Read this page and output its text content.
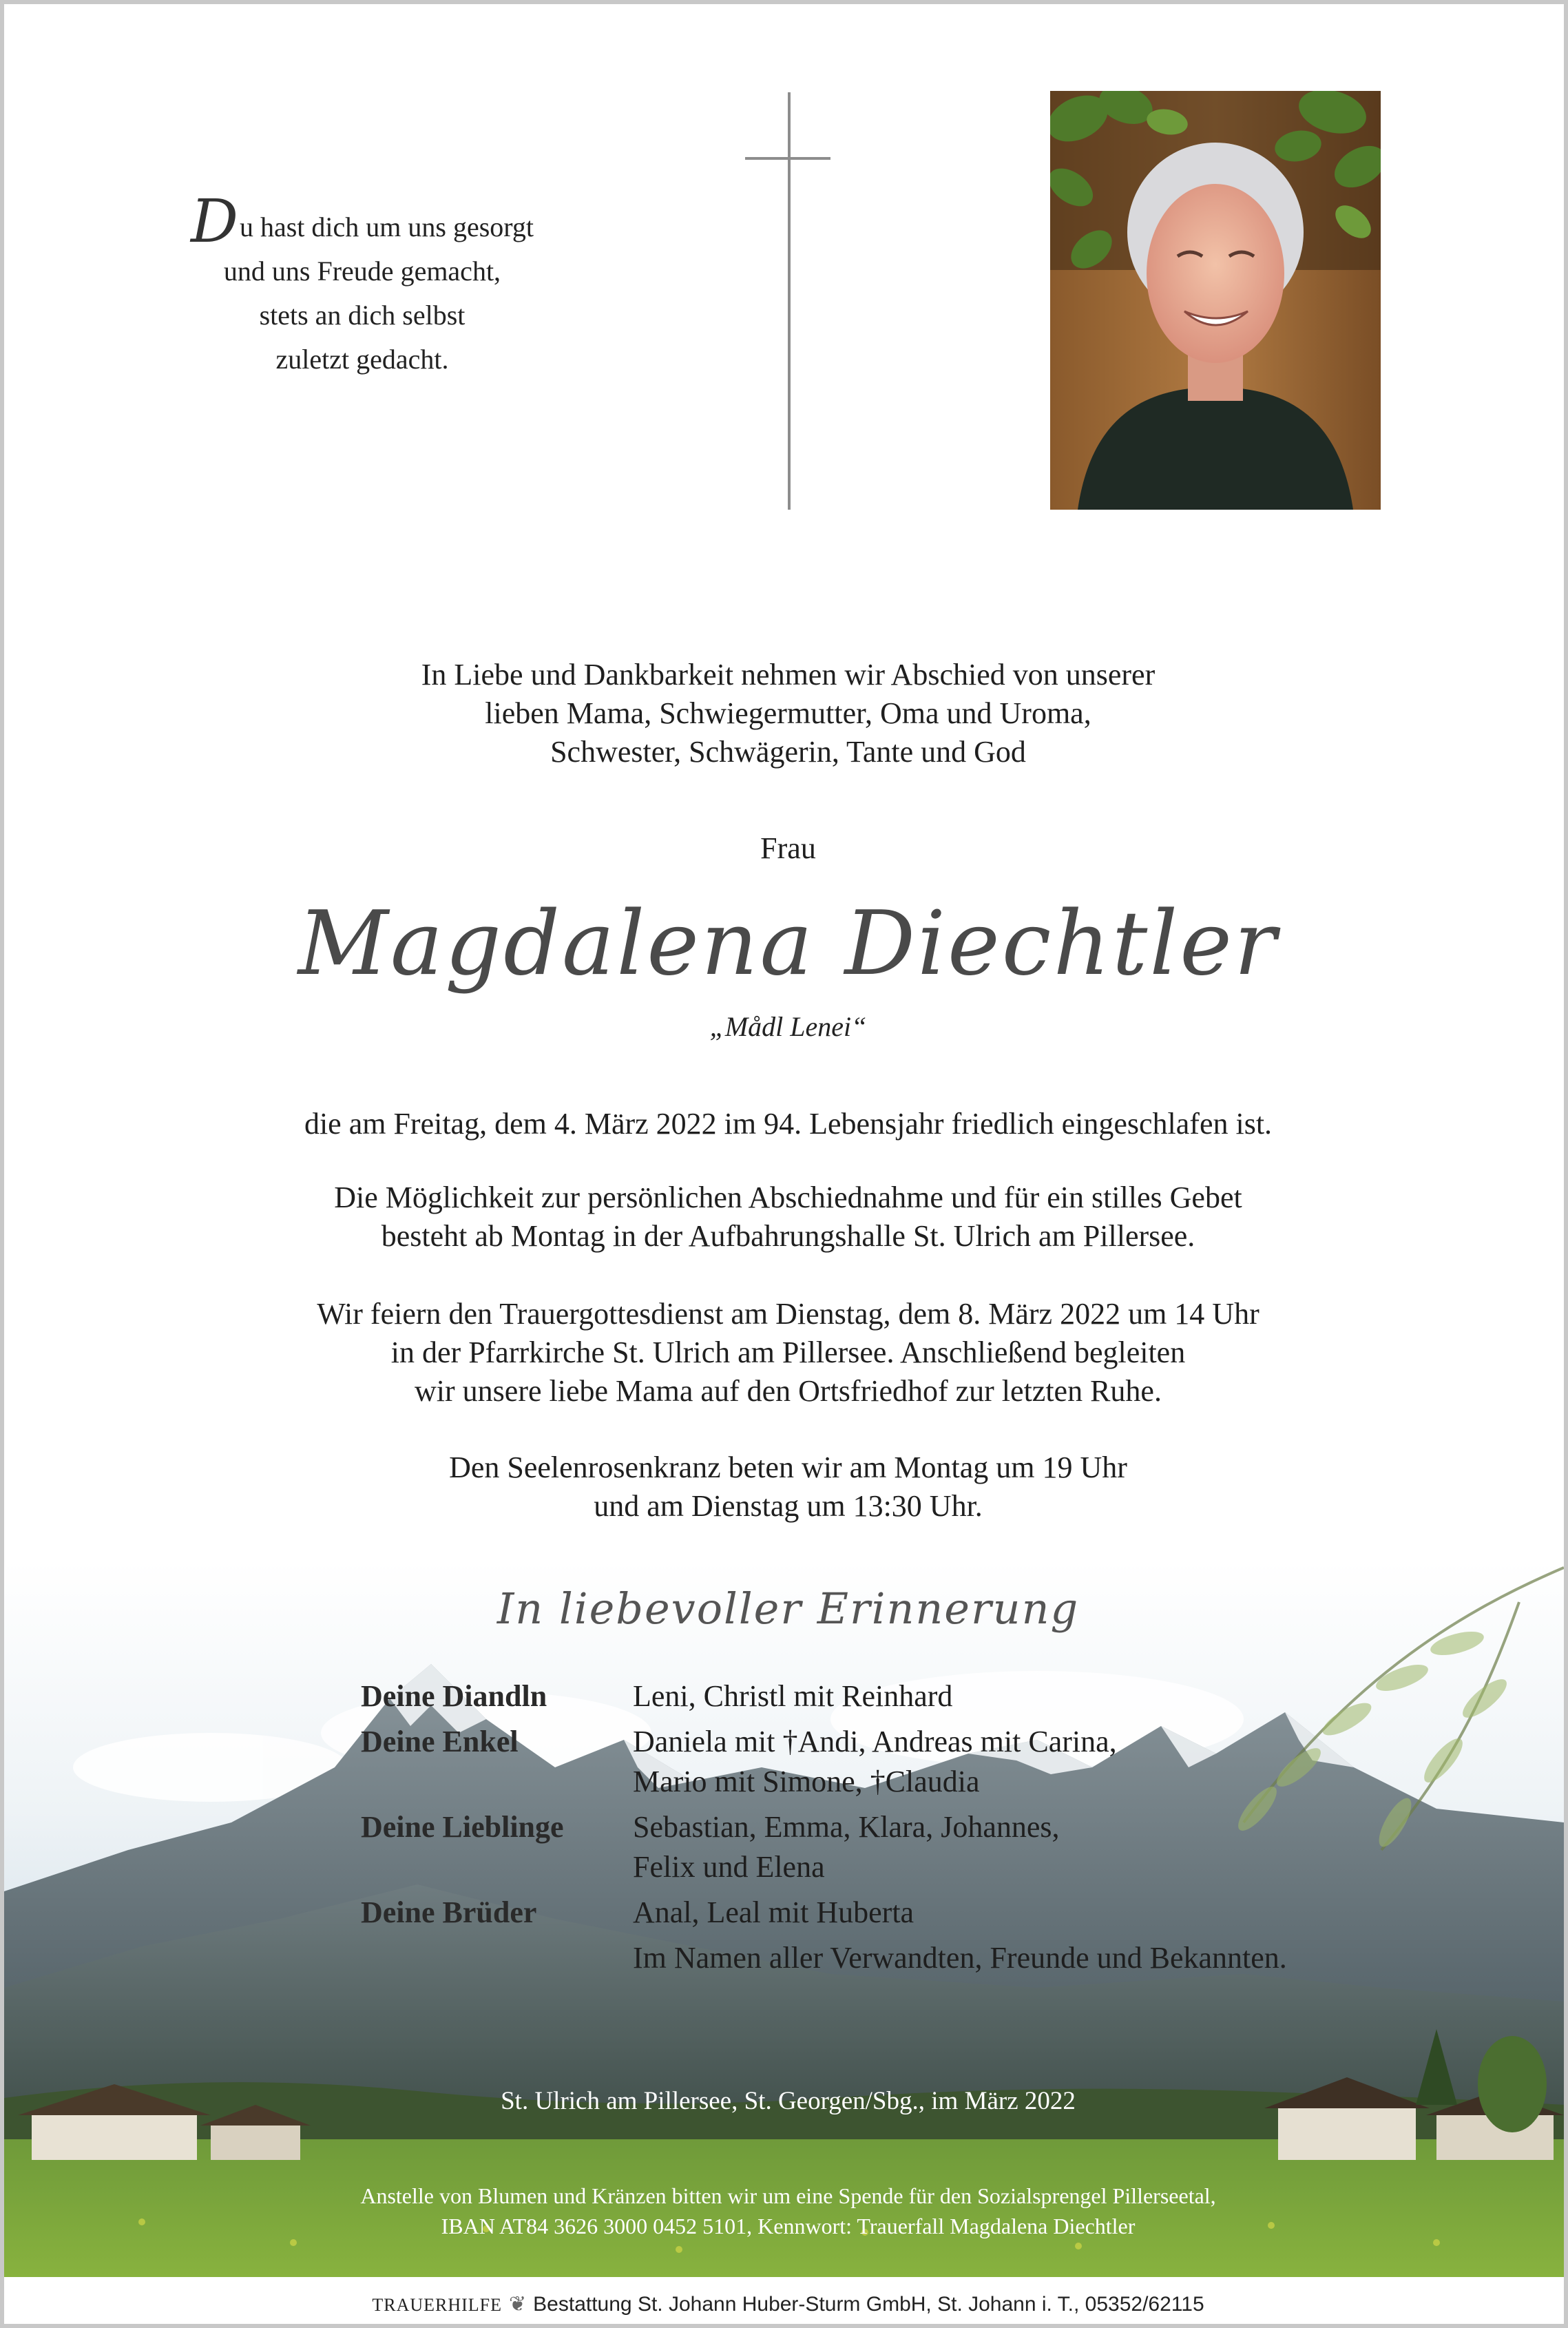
Du hast dich um uns gesorgt
und uns Freude gemacht,
stets an dich selbst
zuletzt gedacht.
In Liebe und Dankbarkeit nehmen wir Abschied von unserer
lieben Mama, Schwiegermutter, Oma und Uroma,
Schwester, Schwägerin, Tante und God
Frau
Magdalena Diechtler
„Mådl Lenei“
die am Freitag, dem 4. März 2022 im 94. Lebensjahr friedlich eingeschlafen ist.
Die Möglichkeit zur persönlichen Abschiednahme und für ein stilles Gebet
besteht ab Montag in der Aufbahrungshalle St. Ulrich am Pillersee.
Wir feiern den Trauergottesdienst am Dienstag, dem 8. März 2022 um 14 Uhr
in der Pfarrkirche St. Ulrich am Pillersee. Anschließend begleiten
wir unsere liebe Mama auf den Ortsfriedhof zur letzten Ruhe.
Den Seelenrosenkranz beten wir am Montag um 19 Uhr
und am Dienstag um 13:30 Uhr.
In liebevoller Erinnerung
Deine Diandln	Leni, Christl mit Reinhard
Deine Enkel	Daniela mit †Andi, Andreas mit Carina,
Mario mit Simone, †Claudia
Deine Lieblinge	Sebastian, Emma, Klara, Johannes,
Felix und Elena
Deine Brüder	Anal, Leal mit Huberta
Im Namen aller Verwandten, Freunde und Bekannten.
St. Ulrich am Pillersee, St. Georgen/Sbg., im März 2022
Anstelle von Blumen und Kränzen bitten wir um eine Spende für den Sozialsprengel Pillerseetal,
IBAN AT84 3626 3000 0452 5101, Kennwort: Trauerfall Magdalena Diechtler
TRAUERHILFE ❦ Bestattung St. Johann Huber-Sturm GmbH, St. Johann i. T., 05352/62115
